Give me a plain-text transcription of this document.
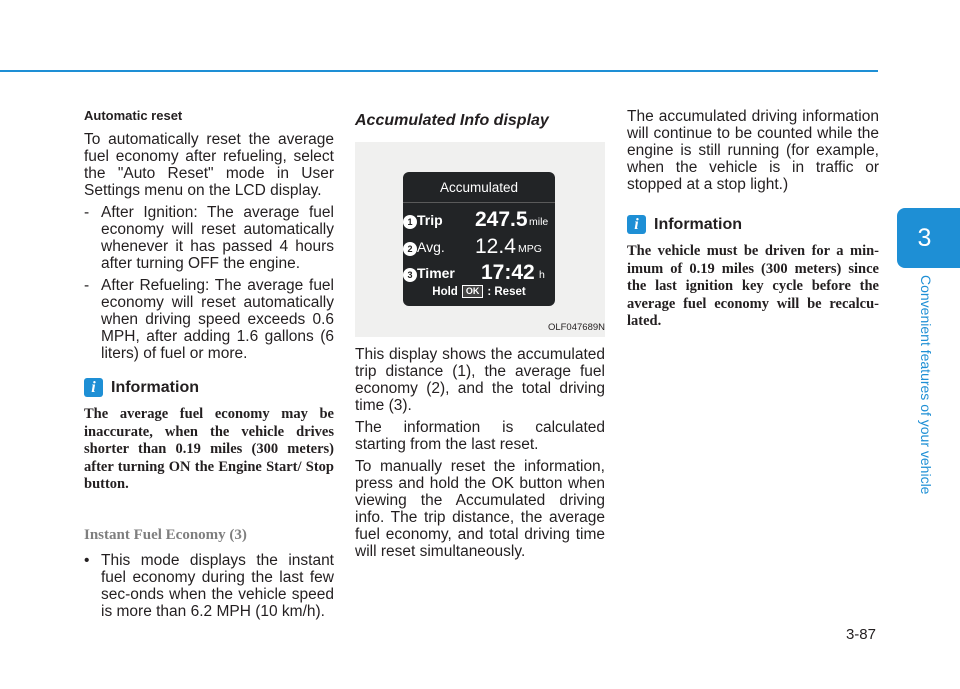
3
Convenient features of your vehicle
3-87

Automatic reset

To automatically reset the average fuel economy after refueling, select the "Auto Reset" mode in User Settings menu on the LCD display.

- After Ignition: The average fuel economy will reset automatically whenever it has passed 4 hours after turning OFF the engine.

- After Refueling: The average fuel economy will reset automatically when driving speed exceeds 0.6 MPH, after adding 1.6 gallons (6 liters) of fuel or more.

i Information

The average fuel economy may be inaccurate, when the vehicle drives shorter than 0.19 miles (300 meters) after turning ON the Engine Start/ Stop button.

Instant Fuel Economy (3)

• This mode displays the instant fuel economy during the last few sec-onds when the vehicle speed is more than 6.2 MPH (10 km/h).

Accumulated Info display

Accumulated
1 Trip 247.5 mile
2 Avg. 12.4 MPG
3 Timer 17:42 h
Hold OK : Reset
OLF047689N

This display shows the accumulated trip distance (1), the average fuel economy (2), and the total driving time (3).

The information is calculated starting from the last reset.

To manually reset the information, press and hold the OK button when viewing the Accumulated driving info. The trip distance, the average fuel economy, and total driving time will reset simultaneously.

The accumulated driving information will continue to be counted while the engine is still running (for example, when the vehicle is in traffic or stopped at a stop light.)

i Information

The vehicle must be driven for a min-imum of 0.19 miles (300 meters) since the last ignition key cycle before the average fuel economy will be recalcu-lated.
